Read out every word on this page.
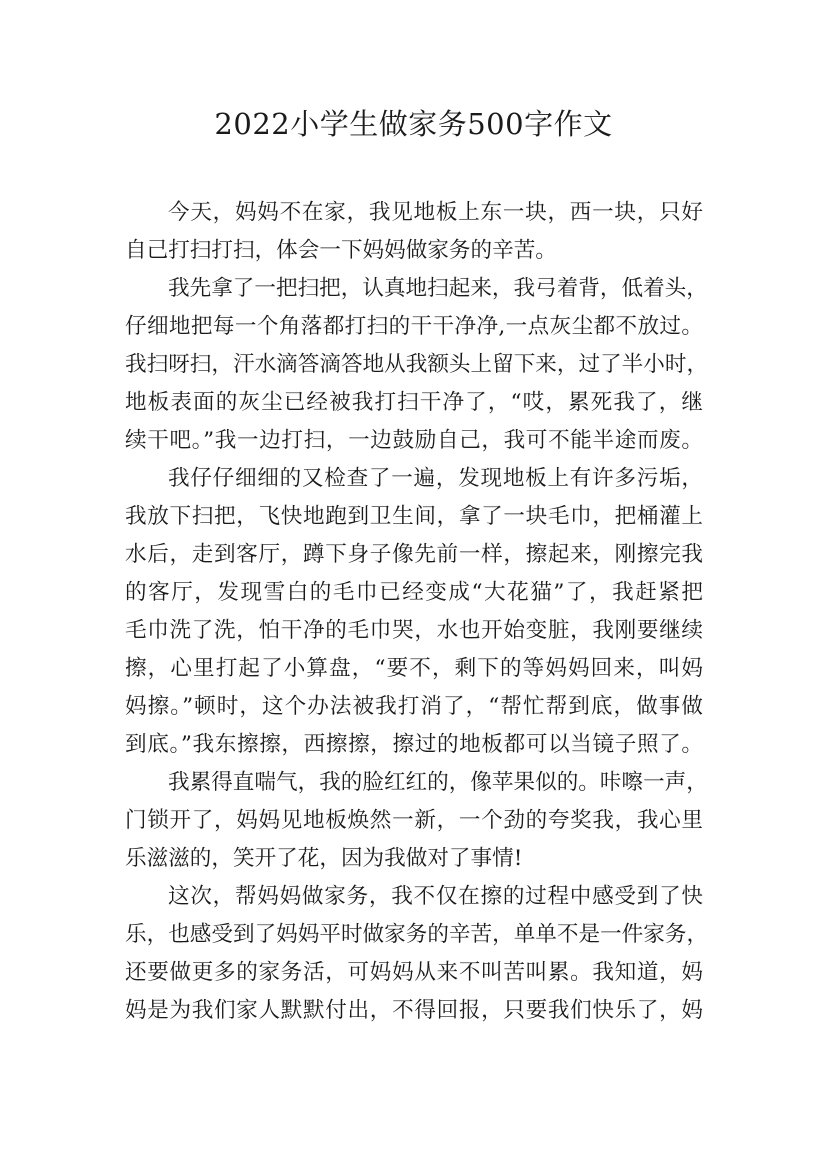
2022小学生做家务500字作文
今天，妈妈不在家，我见地板上东一块，西一块，只好
自己打扫打扫，体会一下妈妈做家务的辛苦。
我先拿了一把扫把，认真地扫起来，我弓着背，低着头，
仔细地把每一个角落都打扫的干干净净,一点灰尘都不放过。
我扫呀扫，汗水滴答滴答地从我额头上留下来，过了半小时，
地板表面的灰尘已经被我打扫干净了，“哎，累死我了，继
续干吧。”我一边打扫，一边鼓励自己，我可不能半途而废。
我仔仔细细的又检查了一遍，发现地板上有许多污垢，
我放下扫把，飞快地跑到卫生间，拿了一块毛巾，把桶灌上
水后，走到客厅，蹲下身子像先前一样，擦起来，刚擦完我
的客厅，发现雪白的毛巾已经变成“大花猫”了，我赶紧把
毛巾洗了洗，怕干净的毛巾哭，水也开始变脏，我刚要继续
擦，心里打起了小算盘，“要不，剩下的等妈妈回来，叫妈
妈擦。”顿时，这个办法被我打消了，“帮忙帮到底，做事做
到底。”我东擦擦，西擦擦，擦过的地板都可以当镜子照了。
我累得直喘气，我的脸红红的，像苹果似的。咔嚓一声，
门锁开了，妈妈见地板焕然一新，一个劲的夸奖我，我心里
乐滋滋的，笑开了花，因为我做对了事情!
这次，帮妈妈做家务，我不仅在擦的过程中感受到了快
乐，也感受到了妈妈平时做家务的辛苦，单单不是一件家务，
还要做更多的家务活，可妈妈从来不叫苦叫累。我知道，妈
妈是为我们家人默默付出，不得回报，只要我们快乐了，妈
